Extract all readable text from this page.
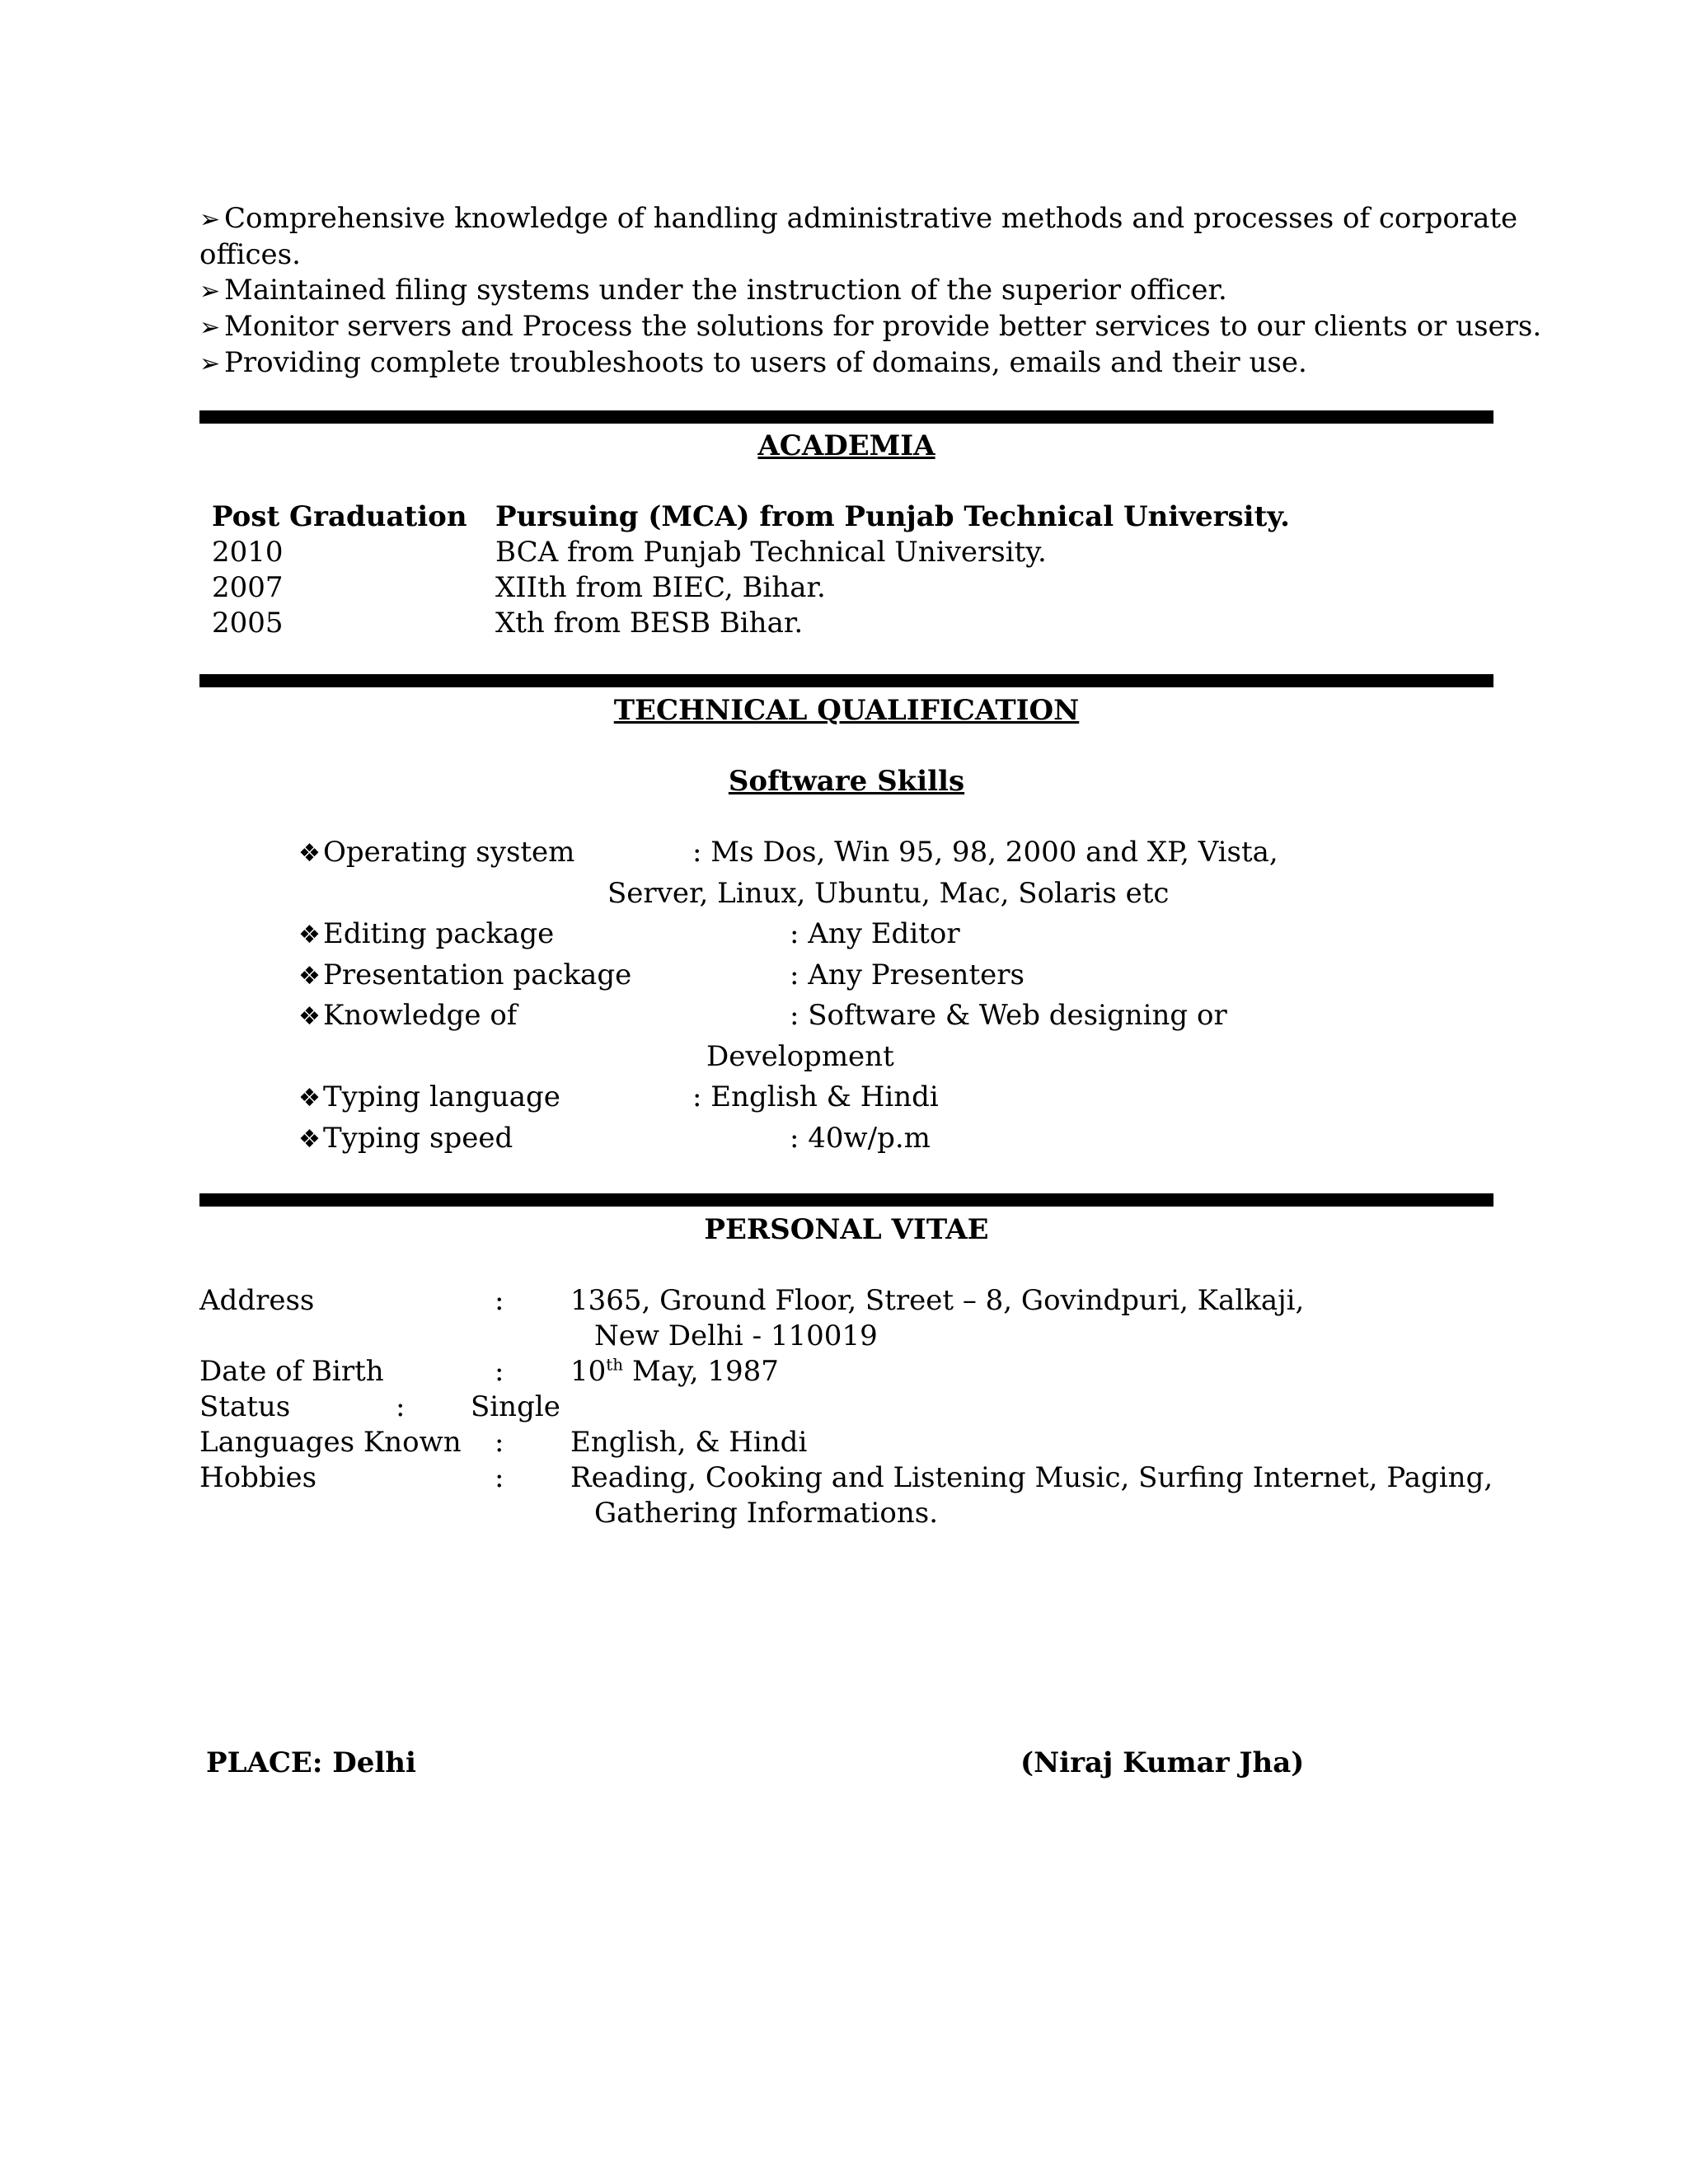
➢ Comprehensive knowledge of handling administrative methods and processes of corporate
offices.
➢ Maintained filing systems under the instruction of the superior officer.
➢ Monitor servers and Process the solutions for provide better services to our clients or users.
➢ Providing complete troubleshoots to users of domains, emails and their use.
ACADEMIA
Post Graduation Pursuing (MCA) from Punjab Technical University.
2010	BCA from Punjab Technical University.
2007	XIIth from BIEC, Bihar.
2005	Xth from BESB Bihar.
TECHNICAL QUALIFICATION
Software Skills
❖Operating system	: Ms Dos, Win 95, 98, 2000 and XP, Vista,
Server, Linux, Ubuntu, Mac, Solaris etc
❖Editing package	: Any Editor
❖Presentation package	: Any Presenters
❖Knowledge of	: Software & Web designing or
Development
❖Typing language	: English & Hindi
❖Typing speed	: 40w/p.m
PERSONAL VITAE
Address	: 1365, Ground Floor, Street – 8, Govindpuri, Kalkaji,
New Delhi - 110019
Date of Birth	: 10th May, 1987
Status	: Single
Languages Known : English, & Hindi
Hobbies	: Reading, Cooking and Listening Music, Surfing Internet, Paging,
Gathering Informations.
PLACE: Delhi	(Niraj Kumar Jha)
